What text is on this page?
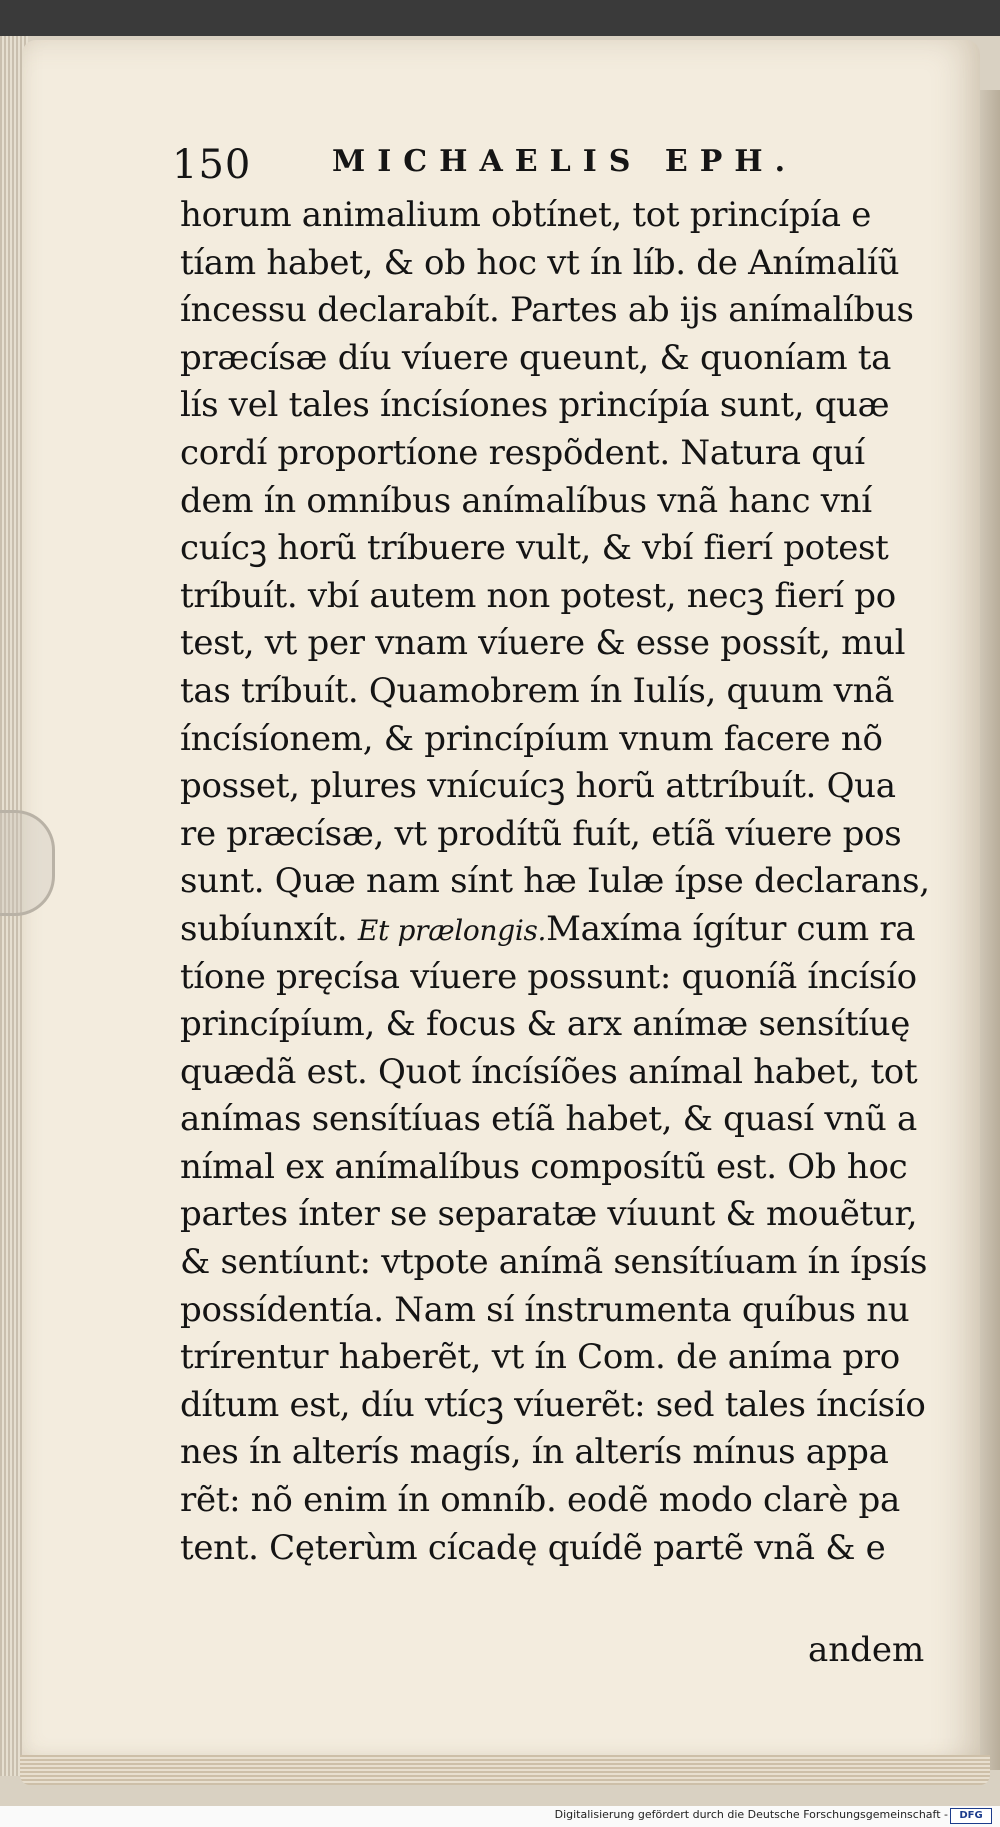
150	MICHAELIS EPH.
horum animalium obtínet, tot princípía e
tíam habet, & ob hoc vt ín líb. de Anímalíũ
íncessu declarabít. Partes ab ijs anímalíbus
præcísæ díu víuere queunt, & quoníam ta
lís vel tales íncísíones princípía sunt, quæ
cordí proportíone respõdent. Natura quí
dem ín omníbus anímalíbus vnã hanc vní
cuícꝫ horũ tríbuere vult, & vbí fierí potest
tríbuít. vbí autem non potest, necꝫ fierí po
test, vt per vnam víuere & esse possít, mul
tas tríbuít. Quamobrem ín Iulís, quum vnã
íncísíonem, & princípíum vnum facere nõ
posset, plures vnícuícꝫ horũ attríbuít. Qua
re præcísæ, vt prodítũ fuít, etíã víuere pos
sunt. Quæ nam sínt hæ Iulæ ípse declarans,
subíunxít. Et prælongis.Maxíma ígítur cum ra
tíone pręcísa víuere possunt: quoníã íncísío
princípíum, & focus & arx anímæ sensítíuę
quædã est. Quot íncísíões anímal habet, tot
anímas sensítíuas etíã habet, & quasí vnũ a
nímal ex anímalíbus composítũ est. Ob hoc
partes ínter se separatæ víuunt & mouẽtur,
& sentíunt: vtpote anímã sensítíuam ín ípsís
possídentía. Nam sí ínstrumenta quíbus nu
trírentur haberẽt, vt ín Com. de aníma pro
dítum est, díu vtícꝫ víuerẽt: sed tales íncísío
nes ín alterís magís, ín alterís mínus appa
rẽt: nõ enim ín omníb. eodẽ modo clarè pa
tent. Cęterùm cícadę quídẽ partẽ vnã & e
andem
Digitalisierung gefördert durch die Deutsche Forschungsgemeinschaft -	DFG
